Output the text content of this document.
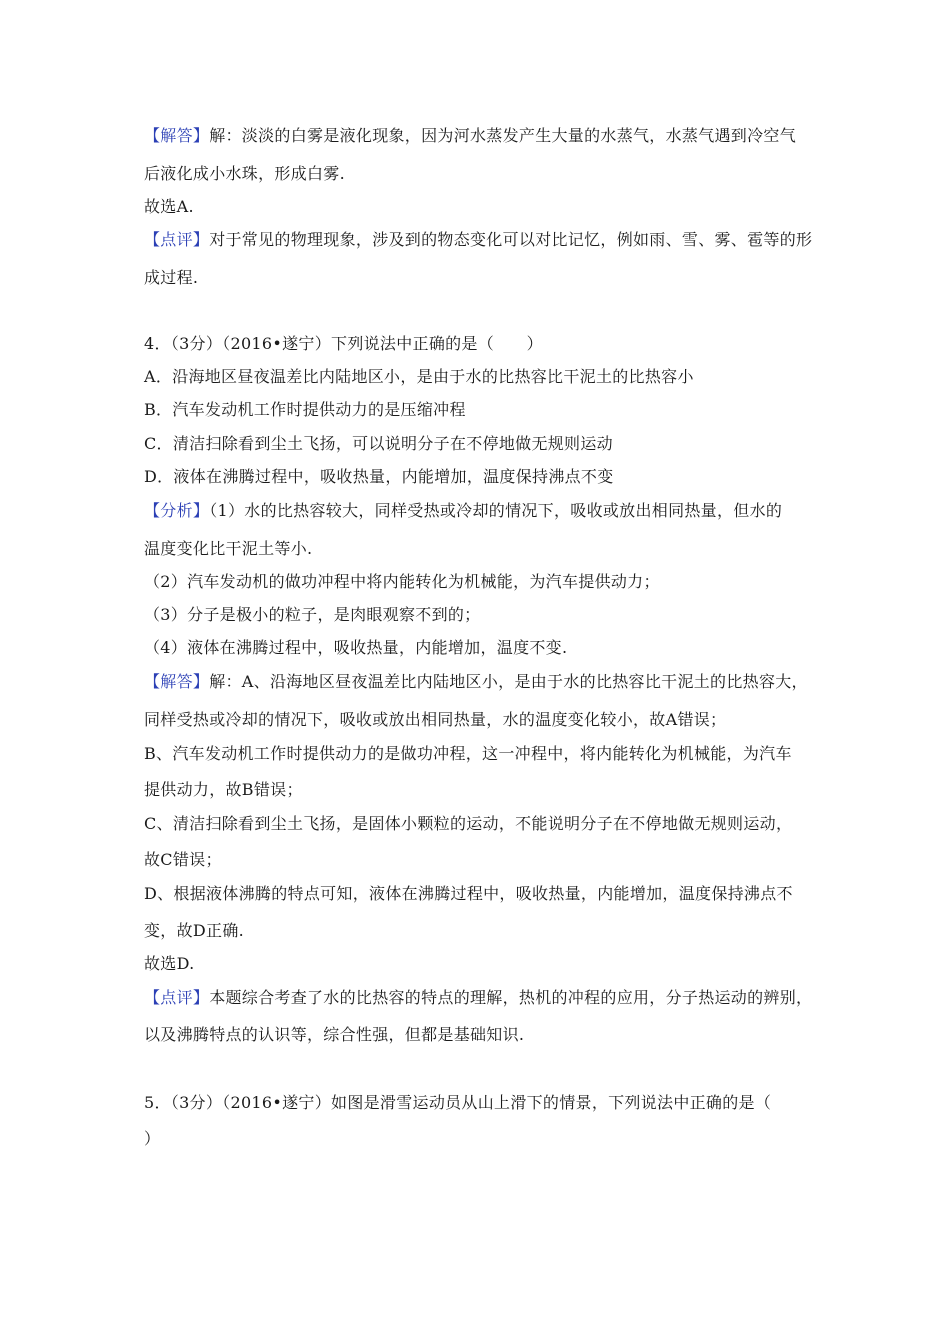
【解答】解：淡淡的白雾是液化现象，因为河水蒸发产生大量的水蒸气，水蒸气遇到冷空气
后液化成小水珠，形成白雾.
故选A.
【点评】对于常见的物理现象，涉及到的物态变化可以对比记忆，例如雨、雪、雾、雹等的形
成过程.
4．（3分）（2016•遂宁）下列说法中正确的是（　　）
A．沿海地区昼夜温差比内陆地区小，是由于水的比热容比干泥土的比热容小
B．汽车发动机工作时提供动力的是压缩冲程
C．清洁扫除看到尘土飞扬，可以说明分子在不停地做无规则运动
D．液体在沸腾过程中，吸收热量，内能增加，温度保持沸点不变
【分析】（1）水的比热容较大，同样受热或冷却的情况下，吸收或放出相同热量，但水的
温度变化比干泥土等小.
（2）汽车发动机的做功冲程中将内能转化为机械能，为汽车提供动力；
（3）分子是极小的粒子，是肉眼观察不到的；
（4）液体在沸腾过程中，吸收热量，内能增加，温度不变.
【解答】解：A、沿海地区昼夜温差比内陆地区小，是由于水的比热容比干泥土的比热容大，
同样受热或冷却的情况下，吸收或放出相同热量，水的温度变化较小，故A错误；
B、汽车发动机工作时提供动力的是做功冲程，这一冲程中，将内能转化为机械能，为汽车
提供动力，故B错误；
C、清洁扫除看到尘土飞扬，是固体小颗粒的运动，不能说明分子在不停地做无规则运动，
故C错误；
D、根据液体沸腾的特点可知，液体在沸腾过程中，吸收热量，内能增加，温度保持沸点不
变，故D正确.
故选D.
【点评】本题综合考查了水的比热容的特点的理解，热机的冲程的应用，分子热运动的辨别，
以及沸腾特点的认识等，综合性强，但都是基础知识.
5．（3分）（2016•遂宁）如图是滑雪运动员从山上滑下的情景，下列说法中正确的是（
）
